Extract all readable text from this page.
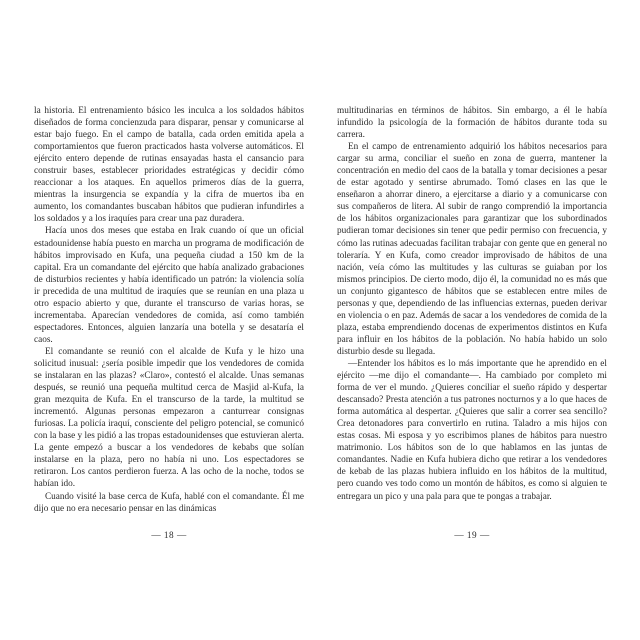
la historia. El entrenamiento básico les inculca a los soldados hábitos diseñados de forma concienzuda para disparar, pensar y comunicarse al estar bajo fuego. En el campo de batalla, cada orden emitida apela a comportamientos que fueron practicados hasta volverse automáticos. El ejército entero depende de rutinas ensayadas hasta el cansancio para construir bases, establecer prioridades estratégicas y decidir cómo reaccionar a los ataques. En aquellos primeros días de la guerra, mientras la insurgencia se expandía y la cifra de muertos iba en aumento, los comandantes buscaban hábitos que pudieran infundirles a los soldados y a los iraquíes para crear una paz duradera.

Hacía unos dos meses que estaba en Irak cuando oí que un oficial estadounidense había puesto en marcha un programa de modificación de hábitos improvisado en Kufa, una pequeña ciudad a 150 km de la capital. Era un comandante del ejército que había analizado grabaciones de disturbios recientes y había identificado un patrón: la violencia solía ir precedida de una multitud de iraquíes que se reunían en una plaza u otro espacio abierto y que, durante el transcurso de varias horas, se incrementaba. Aparecían vendedores de comida, así como también espectadores. Entonces, alguien lanzaría una botella y se desataría el caos.

El comandante se reunió con el alcalde de Kufa y le hizo una solicitud inusual: ¿sería posible impedir que los vendedores de comida se instalaran en las plazas? «Claro», contestó el alcalde. Unas semanas después, se reunió una pequeña multitud cerca de Masjid al-Kufa, la gran mezquita de Kufa. En el transcurso de la tarde, la multitud se incrementó. Algunas personas empezaron a canturrear consignas furiosas. La policía iraquí, consciente del peligro potencial, se comunicó con la base y les pidió a las tropas estadounidenses que estuvieran alerta. La gente empezó a buscar a los vendedores de kebabs que solían instalarse en la plaza, pero no había ni uno. Los espectadores se retiraron. Los cantos perdieron fuerza. A las ocho de la noche, todos se habían ido.

Cuando visité la base cerca de Kufa, hablé con el comandante. Él me dijo que no era necesario pensar en las dinámicas

— 18 —

multitudinarias en términos de hábitos. Sin embargo, a él le había infundido la psicología de la formación de hábitos durante toda su carrera.

En el campo de entrenamiento adquirió los hábitos necesarios para cargar su arma, conciliar el sueño en zona de guerra, mantener la concentración en medio del caos de la batalla y tomar decisiones a pesar de estar agotado y sentirse abrumado. Tomó clases en las que le enseñaron a ahorrar dinero, a ejercitarse a diario y a comunicarse con sus compañeros de litera. Al subir de rango comprendió la importancia de los hábitos organizacionales para garantizar que los subordinados pudieran tomar decisiones sin tener que pedir permiso con frecuencia, y cómo las rutinas adecuadas facilitan trabajar con gente que en general no toleraría. Y en Kufa, como creador improvisado de hábitos de una nación, veía cómo las multitudes y las culturas se guiaban por los mismos principios. De cierto modo, dijo él, la comunidad no es más que un conjunto gigantesco de hábitos que se establecen entre miles de personas y que, dependiendo de las influencias externas, pueden derivar en violencia o en paz. Además de sacar a los vendedores de comida de la plaza, estaba emprendiendo docenas de experimentos distintos en Kufa para influir en los hábitos de la población. No había habido un solo disturbio desde su llegada.

—Entender los hábitos es lo más importante que he aprendido en el ejército —me dijo el comandante—. Ha cambiado por completo mi forma de ver el mundo. ¿Quieres conciliar el sueño rápido y despertar descansado? Presta atención a tus patrones nocturnos y a lo que haces de forma automática al despertar. ¿Quieres que salir a correr sea sencillo? Crea detonadores para convertirlo en rutina. Taladro a mis hijos con estas cosas. Mi esposa y yo escribimos planes de hábitos para nuestro matrimonio. Los hábitos son de lo que hablamos en las juntas de comandantes. Nadie en Kufa hubiera dicho que retirar a los vendedores de kebab de las plazas hubiera influido en los hábitos de la multitud, pero cuando ves todo como un montón de hábitos, es como si alguien te entregara un pico y una pala para que te pongas a trabajar.

— 19 —
